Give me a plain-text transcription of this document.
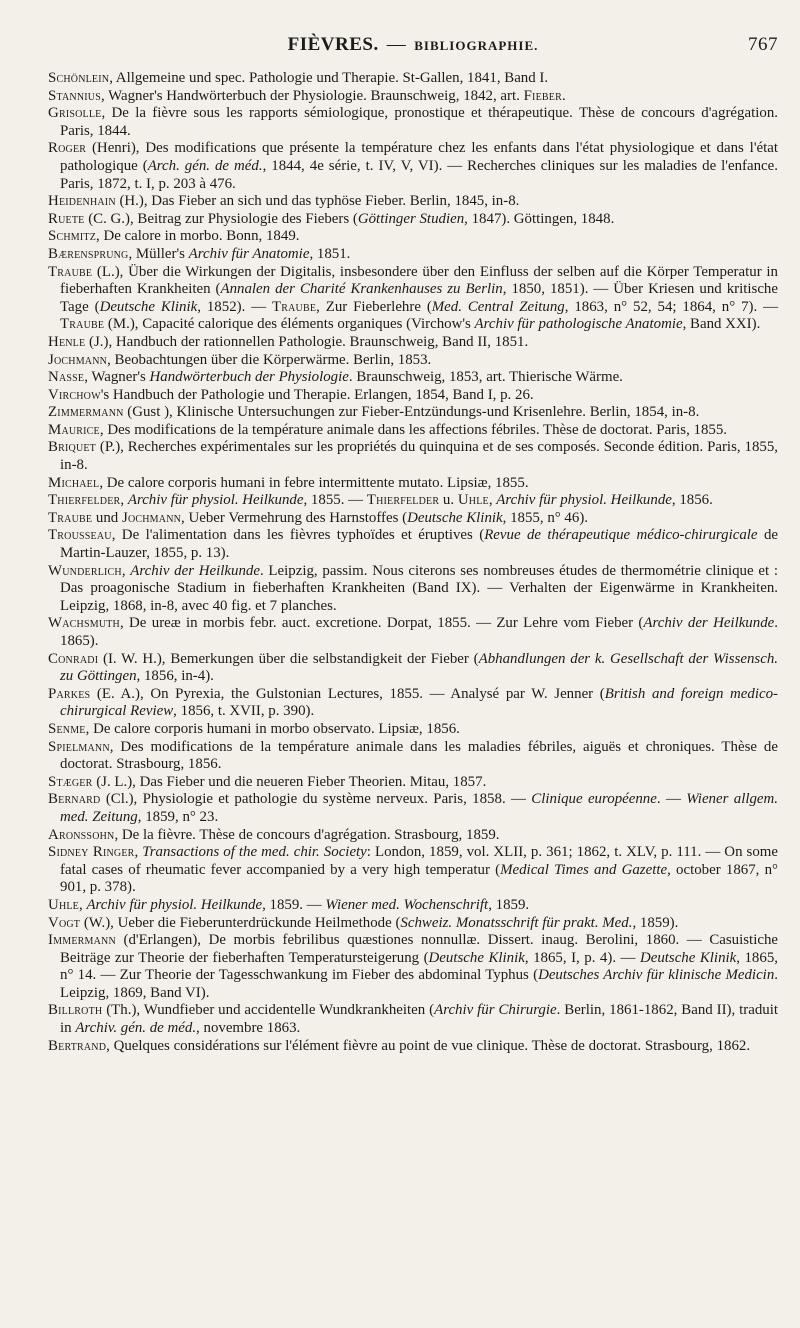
FIÈVRES. — BIBLIOGRAPHIE.	767
Schönlein, Allgemeine und spec. Pathologie und Therapie. St-Gallen, 1841, Band I.
Stannius, Wagner's Handwörterbuch der Physiologie. Braunschweig, 1842, art. Fieber.
Grisolle, De la fièvre sous les rapports sémiologique, pronostique et thérapeutique. Thèse de concours d'agrégation. Paris, 1844.
Roger (Henri), Des modifications que présente la température chez les enfants dans l'état physiologique et dans l'état pathologique (Arch. gén. de méd., 1844, 4e série, t. IV, V, VI). — Recherches cliniques sur les maladies de l'enfance. Paris, 1872, t. I, p. 203 à 476.
Heidenhain (H.), Das Fieber an sich und das typhöse Fieber. Berlin, 1845, in-8.
Ruete (C. G.), Beitrag zur Physiologie des Fiebers (Göttinger Studien, 1847). Göttingen, 1848.
Schmitz, De calore in morbo. Bonn, 1849.
Bærensprung, Müller's Archiv für Anatomie, 1851.
Traube (L.), Über die Wirkungen der Digitalis, insbesondere über den Einfluss der selben auf die Körper Temperatur in fieberhaften Krankheiten (Annalen der Charité Krankenhauses zu Berlin, 1850, 1851). — Über Kriesen und kritische Tage (Deutsche Klinik, 1852). — Traube, Zur Fieberlehre (Med. Central Zeitung, 1863, n° 52, 54; 1864, n° 7). — Traube (M.), Capacité calorique des éléments organiques (Virchow's Archiv für pathologische Anatomie, Band XXI).
Henle (J.), Handbuch der rationnellen Pathologie. Braunschweig, Band II, 1851.
Jochmann, Beobachtungen über die Körperwärme. Berlin, 1853.
Nasse, Wagner's Handwörterbuch der Physiologie. Braunschweig, 1853, art. Thierische Wärme.
Virchow's Handbuch der Pathologie und Therapie. Erlangen, 1854, Band I, p. 26.
Zimmermann (Gust ), Klinische Untersuchungen zur Fieber-Entzündungs-und Krisenlehre. Berlin, 1854, in-8.
Maurice, Des modifications de la température animale dans les affections fébriles. Thèse de doctorat. Paris, 1855.
Briquet (P.), Recherches expérimentales sur les propriétés du quinquina et de ses composés. Seconde édition. Paris, 1855, in-8.
Michael, De calore corporis humani in febre intermittente mutato. Lipsiæ, 1855.
Thierfelder, Archiv für physiol. Heilkunde, 1855. — Thierfelder u. Uhle, Archiv für physiol. Heilkunde, 1856.
Traube und Jochmann, Ueber Vermehrung des Harnstoffes (Deutsche Klinik, 1855, n° 46).
Trousseau, De l'alimentation dans les fièvres typhoïdes et éruptives (Revue de thérapeutique médico-chirurgicale de Martin-Lauzer, 1855, p. 13).
Wunderlich, Archiv der Heilkunde. Leipzig, passim. Nous citerons ses nombreuses études de thermométrie clinique et : Das proagonische Stadium in fieberhaften Krankheiten (Band IX). — Verhalten der Eigenwärme in Krankheiten. Leipzig, 1868, in-8, avec 40 fig. et 7 planches.
Wachsmuth, De ureæ in morbis febr. auct. excretione. Dorpat, 1855. — Zur Lehre vom Fieber (Archiv der Heilkunde. 1865).
Conradi (I. W. H.), Bemerkungen über die selbstandigkeit der Fieber (Abhandlungen der k. Gesellschaft der Wissensch. zu Göttingen, 1856, in-4).
Parkes (E. A.), On Pyrexia, the Gulstonian Lectures, 1855. — Analysé par W. Jenner (British and foreign medico-chirurgical Review, 1856, t. XVII, p. 390).
Senme, De calore corporis humani in morbo observato. Lipsiæ, 1856.
Spielmann, Des modifications de la température animale dans les maladies fébriles, aiguës et chroniques. Thèse de doctorat. Strasbourg, 1856.
Stæger (J. L.), Das Fieber und die neueren Fieber Theorien. Mitau, 1857.
Bernard (Cl.), Physiologie et pathologie du système nerveux. Paris, 1858. — Clinique européenne. — Wiener allgem. med. Zeitung, 1859, n° 23.
Aronssohn, De la fièvre. Thèse de concours d'agrégation. Strasbourg, 1859.
Sidney Ringer, Transactions of the med. chir. Society: London, 1859, vol. XLII, p. 361; 1862, t. XLV, p. 111. — On some fatal cases of rheumatic fever accompanied by a very high temperatur (Medical Times and Gazette, october 1867, n° 901, p. 378).
Uhle, Archiv für physiol. Heilkunde, 1859. — Wiener med. Wochenschrift, 1859.
Vogt (W.), Ueber die Fieberunterdrückunde Heilmethode (Schweiz. Monatsschrift für prakt. Med., 1859).
Immermann (d'Erlangen), De morbis febrilibus quæstiones nonnullæ. Dissert. inaug. Berolini, 1860. — Casuistiche Beiträge zur Theorie der fieberhaften Temperatursteigerung (Deutsche Klinik, 1865, I, p. 4). — Deutsche Klinik, 1865, n° 14. — Zur Theorie der Tagesschwankung im Fieber des abdominal Typhus (Deutsches Archiv für klinische Medicin. Leipzig, 1869, Band VI).
Billroth (Th.), Wundfieber und accidentelle Wundkrankheiten (Archiv für Chirurgie. Berlin, 1861-1862, Band II), traduit in Archiv. gén. de méd., novembre 1863.
Bertrand, Quelques considérations sur l'élément fièvre au point de vue clinique. Thèse de doctorat. Strasbourg, 1862.
